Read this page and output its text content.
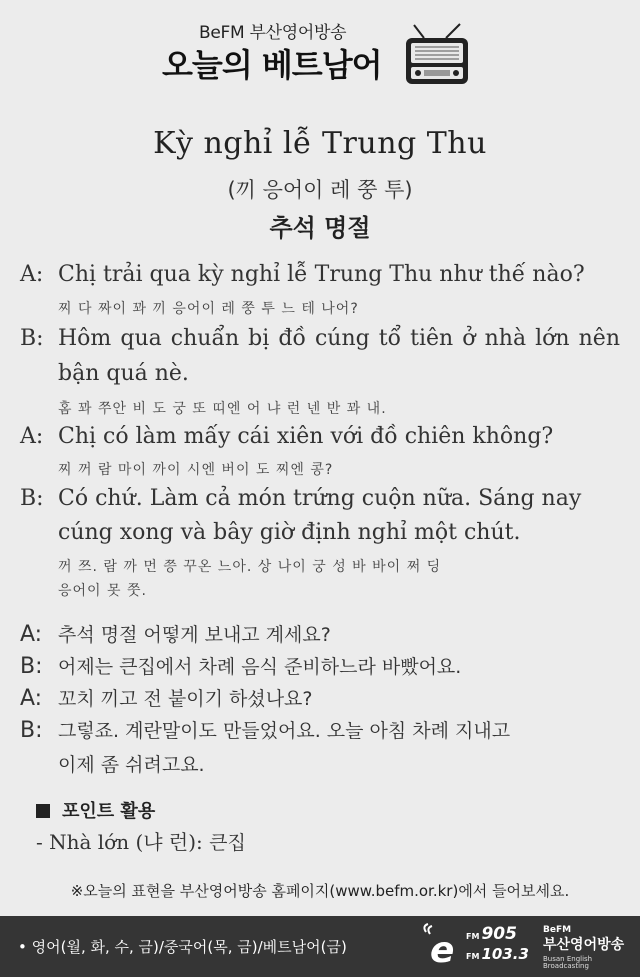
BeFM 부산영어방송
오늘의 베트남어
Kỳ nghỉ lễ Trung Thu
(끼 응어이 레 쭝 투)
추석 명절
A: Chị trải qua kỳ nghỉ lễ Trung Thu như thế nào?
찌 다 짜이 꽈 끼 응어이 레 쭝 투 느 테 나어?
B: Hôm qua chuẩn bị đồ cúng tổ tiên ở nhà lớn nên
bận quá nè.
홈 꽈 쭈안 비 도 궁 또 띠엔 어 냐 런 넨 반 꽈 내.
A: Chị có làm mấy cái xiên với đồ chiên không?
찌 꺼 람 마이 까이 시엔 버이 도 찌엔 콩?
B: Có chứ. Làm cả món trứng cuộn nữa. Sáng nay
cúng xong và bây giờ định nghỉ một chút.
꺼 쯔. 람 까 먼 쯩 꾸온 느아. 상 나이 궁 성 바 바이 쩌 딩
응어이 못 쭛.
A: 추석 명절 어떻게 보내고 계세요?
B: 어제는 큰집에서 차례 음식 준비하느라 바빴어요.
A: 꼬치 끼고 전 붙이기 하셨나요?
B: 그렇죠. 계란말이도 만들었어요. 오늘 아침 차례 지내고
이제 좀 쉬려고요.
포인트 활용
- Nhà lớn (냐 런): 큰집
※오늘의 표현을 부산영어방송 홈페이지(www.befm.or.kr)에서 들어보세요.
• 영어(월, 화, 수, 금)/중국어(목, 금)/베트남어(금) e FM 905
FM 103.3
BeFM
부산영어방송
Busan English Broadcasting
